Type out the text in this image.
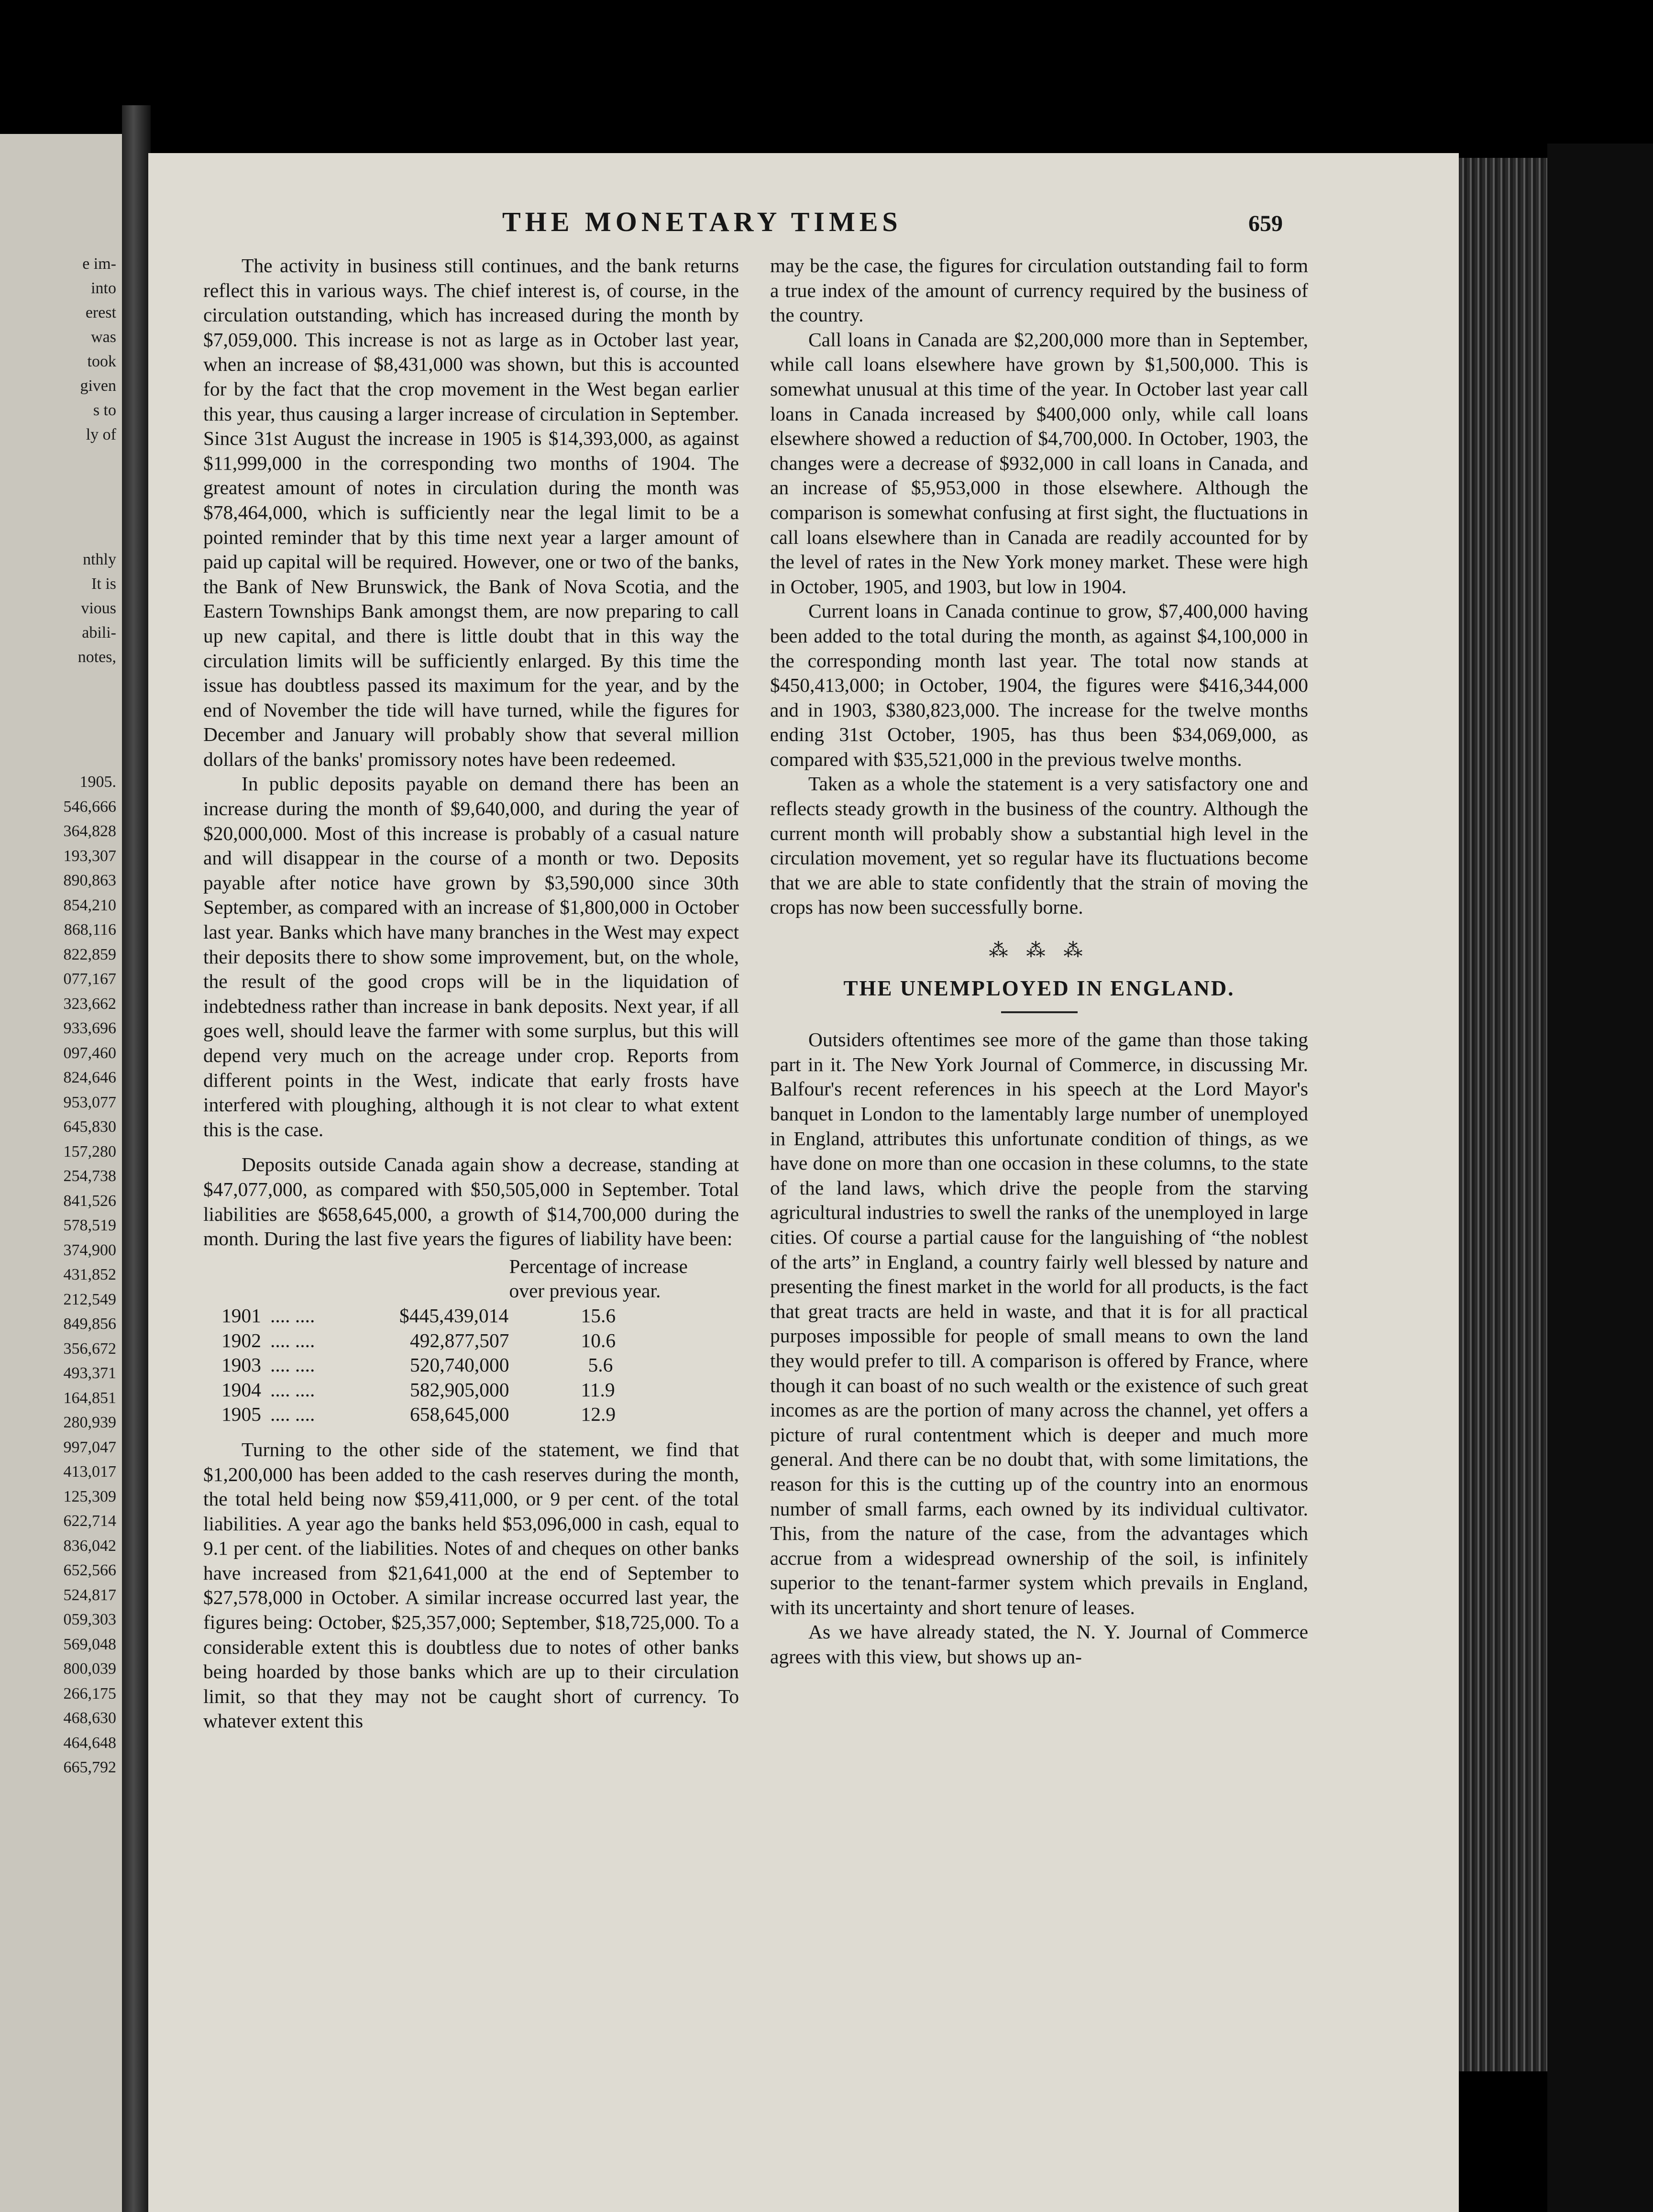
e im-
into
erest
was
took
given
s to
ly of
nthly
It is
vious
abili-
notes,
1905.
546,666
364,828
193,307
890,863
854,210
868,116
822,859
077,167
323,662
933,696
097,460
824,646
953,077
645,830
157,280
254,738
841,526
578,519
374,900
431,852
212,549
849,856
356,672
493,371
164,851
280,939
997,047
413,017
125,309
622,714
836,042
652,566
524,817
059,303
569,048
800,039
266,175
468,630
464,648
665,792
THE MONETARY TIMES	659

The activity in business still continues, and the bank returns reflect this in various ways. The chief interest is, of course, in the circulation outstanding, which has increased during the month by $7,059,000. This increase is not as large as in October last year, when an increase of $8,431,000 was shown, but this is accounted for by the fact that the crop movement in the West began earlier this year, thus causing a larger increase of circulation in September. Since 31st August the increase in 1905 is $14,393,000, as against $11,999,000 in the corresponding two months of 1904. The greatest amount of notes in circulation during the month was $78,464,000, which is sufficiently near the legal limit to be a pointed reminder that by this time next year a larger amount of paid up capital will be required. However, one or two of the banks, the Bank of New Brunswick, the Bank of Nova Scotia, and the Eastern Townships Bank amongst them, are now preparing to call up new capital, and there is little doubt that in this way the circulation limits will be sufficiently enlarged. By this time the issue has doubtless passed its maximum for the year, and by the end of November the tide will have turned, while the figures for December and January will probably show that several million dollars of the banks' promissory notes have been redeemed.

In public deposits payable on demand there has been an increase during the month of $9,640,000, and during the year of $20,000,000. Most of this increase is probably of a casual nature and will disappear in the course of a month or two. Deposits payable after notice have grown by $3,590,000 since 30th September, as compared with an increase of $1,800,000 in October last year. Banks which have many branches in the West may expect their deposits there to show some improvement, but, on the whole, the result of the good crops will be in the liquidation of indebtedness rather than increase in bank deposits. Next year, if all goes well, should leave the farmer with some surplus, but this will depend very much on the acreage under crop. Reports from different points in the West, indicate that early frosts have interfered with ploughing, although it is not clear to what extent this is the case.

Deposits outside Canada again show a decrease, standing at $47,077,000, as compared with $50,505,000 in September. Total liabilities are $658,645,000, a growth of $14,700,000 during the month. During the last five years the figures of liability have been:

			Percentage of increase
			over previous year.
1901	.... ....	$445,439,014	15.6
1902	.... ....	492,877,507	10.6
1903	.... ....	520,740,000	5.6
1904	.... ....	582,905,000	11.9
1905	.... ....	658,645,000	12.9

Turning to the other side of the statement, we find that $1,200,000 has been added to the cash reserves during the month, the total held being now $59,411,000, or 9 per cent. of the total liabilities. A year ago the banks held $53,096,000 in cash, equal to 9.1 per cent. of the liabilities. Notes of and cheques on other banks have increased from $21,641,000 at the end of September to $27,578,000 in October. A similar increase occurred last year, the figures being: October, $25,357,000; September, $18,725,000. To a considerable extent this is doubtless due to notes of other banks being hoarded by those banks which are up to their circulation limit, so that they may not be caught short of currency. To whatever extent this

may be the case, the figures for circulation outstanding fail to form a true index of the amount of currency required by the business of the country.

Call loans in Canada are $2,200,000 more than in September, while call loans elsewhere have grown by $1,500,000. This is somewhat unusual at this time of the year. In October last year call loans in Canada increased by $400,000 only, while call loans elsewhere showed a reduction of $4,700,000. In October, 1903, the changes were a decrease of $932,000 in call loans in Canada, and an increase of $5,953,000 in those elsewhere. Although the comparison is somewhat confusing at first sight, the fluctuations in call loans elsewhere than in Canada are readily accounted for by the level of rates in the New York money market. These were high in October, 1905, and 1903, but low in 1904.

Current loans in Canada continue to grow, $7,400,000 having been added to the total during the month, as against $4,100,000 in the corresponding month last year. The total now stands at $450,413,000; in October, 1904, the figures were $416,344,000 and in 1903, $380,823,000. The increase for the twelve months ending 31st October, 1905, has thus been $34,069,000, as compared with $35,521,000 in the previous twelve months.

Taken as a whole the statement is a very satisfactory one and reflects steady growth in the business of the country. Although the current month will probably show a substantial high level in the circulation movement, yet so regular have its fluctuations become that we are able to state confidently that the strain of moving the crops has now been successfully borne.

⁂ ⁂ ⁂
THE UNEMPLOYED IN ENGLAND.

Outsiders oftentimes see more of the game than those taking part in it. The New York Journal of Commerce, in discussing Mr. Balfour's recent references in his speech at the Lord Mayor's banquet in London to the lamentably large number of unemployed in England, attributes this unfortunate condition of things, as we have done on more than one occasion in these columns, to the state of the land laws, which drive the people from the starving agricultural industries to swell the ranks of the unemployed in large cities. Of course a partial cause for the languishing of “the noblest of the arts” in England, a country fairly well blessed by nature and presenting the finest market in the world for all products, is the fact that great tracts are held in waste, and that it is for all practical purposes impossible for people of small means to own the land they would prefer to till. A comparison is offered by France, where though it can boast of no such wealth or the existence of such great incomes as are the portion of many across the channel, yet offers a picture of rural contentment which is deeper and much more general. And there can be no doubt that, with some limitations, the reason for this is the cutting up of the country into an enormous number of small farms, each owned by its individual cultivator. This, from the nature of the case, from the advantages which accrue from a widespread ownership of the soil, is infinitely superior to the tenant-farmer system which prevails in England, with its uncertainty and short tenure of leases.

As we have already stated, the N. Y. Journal of Commerce agrees with this view, but shows up an-
